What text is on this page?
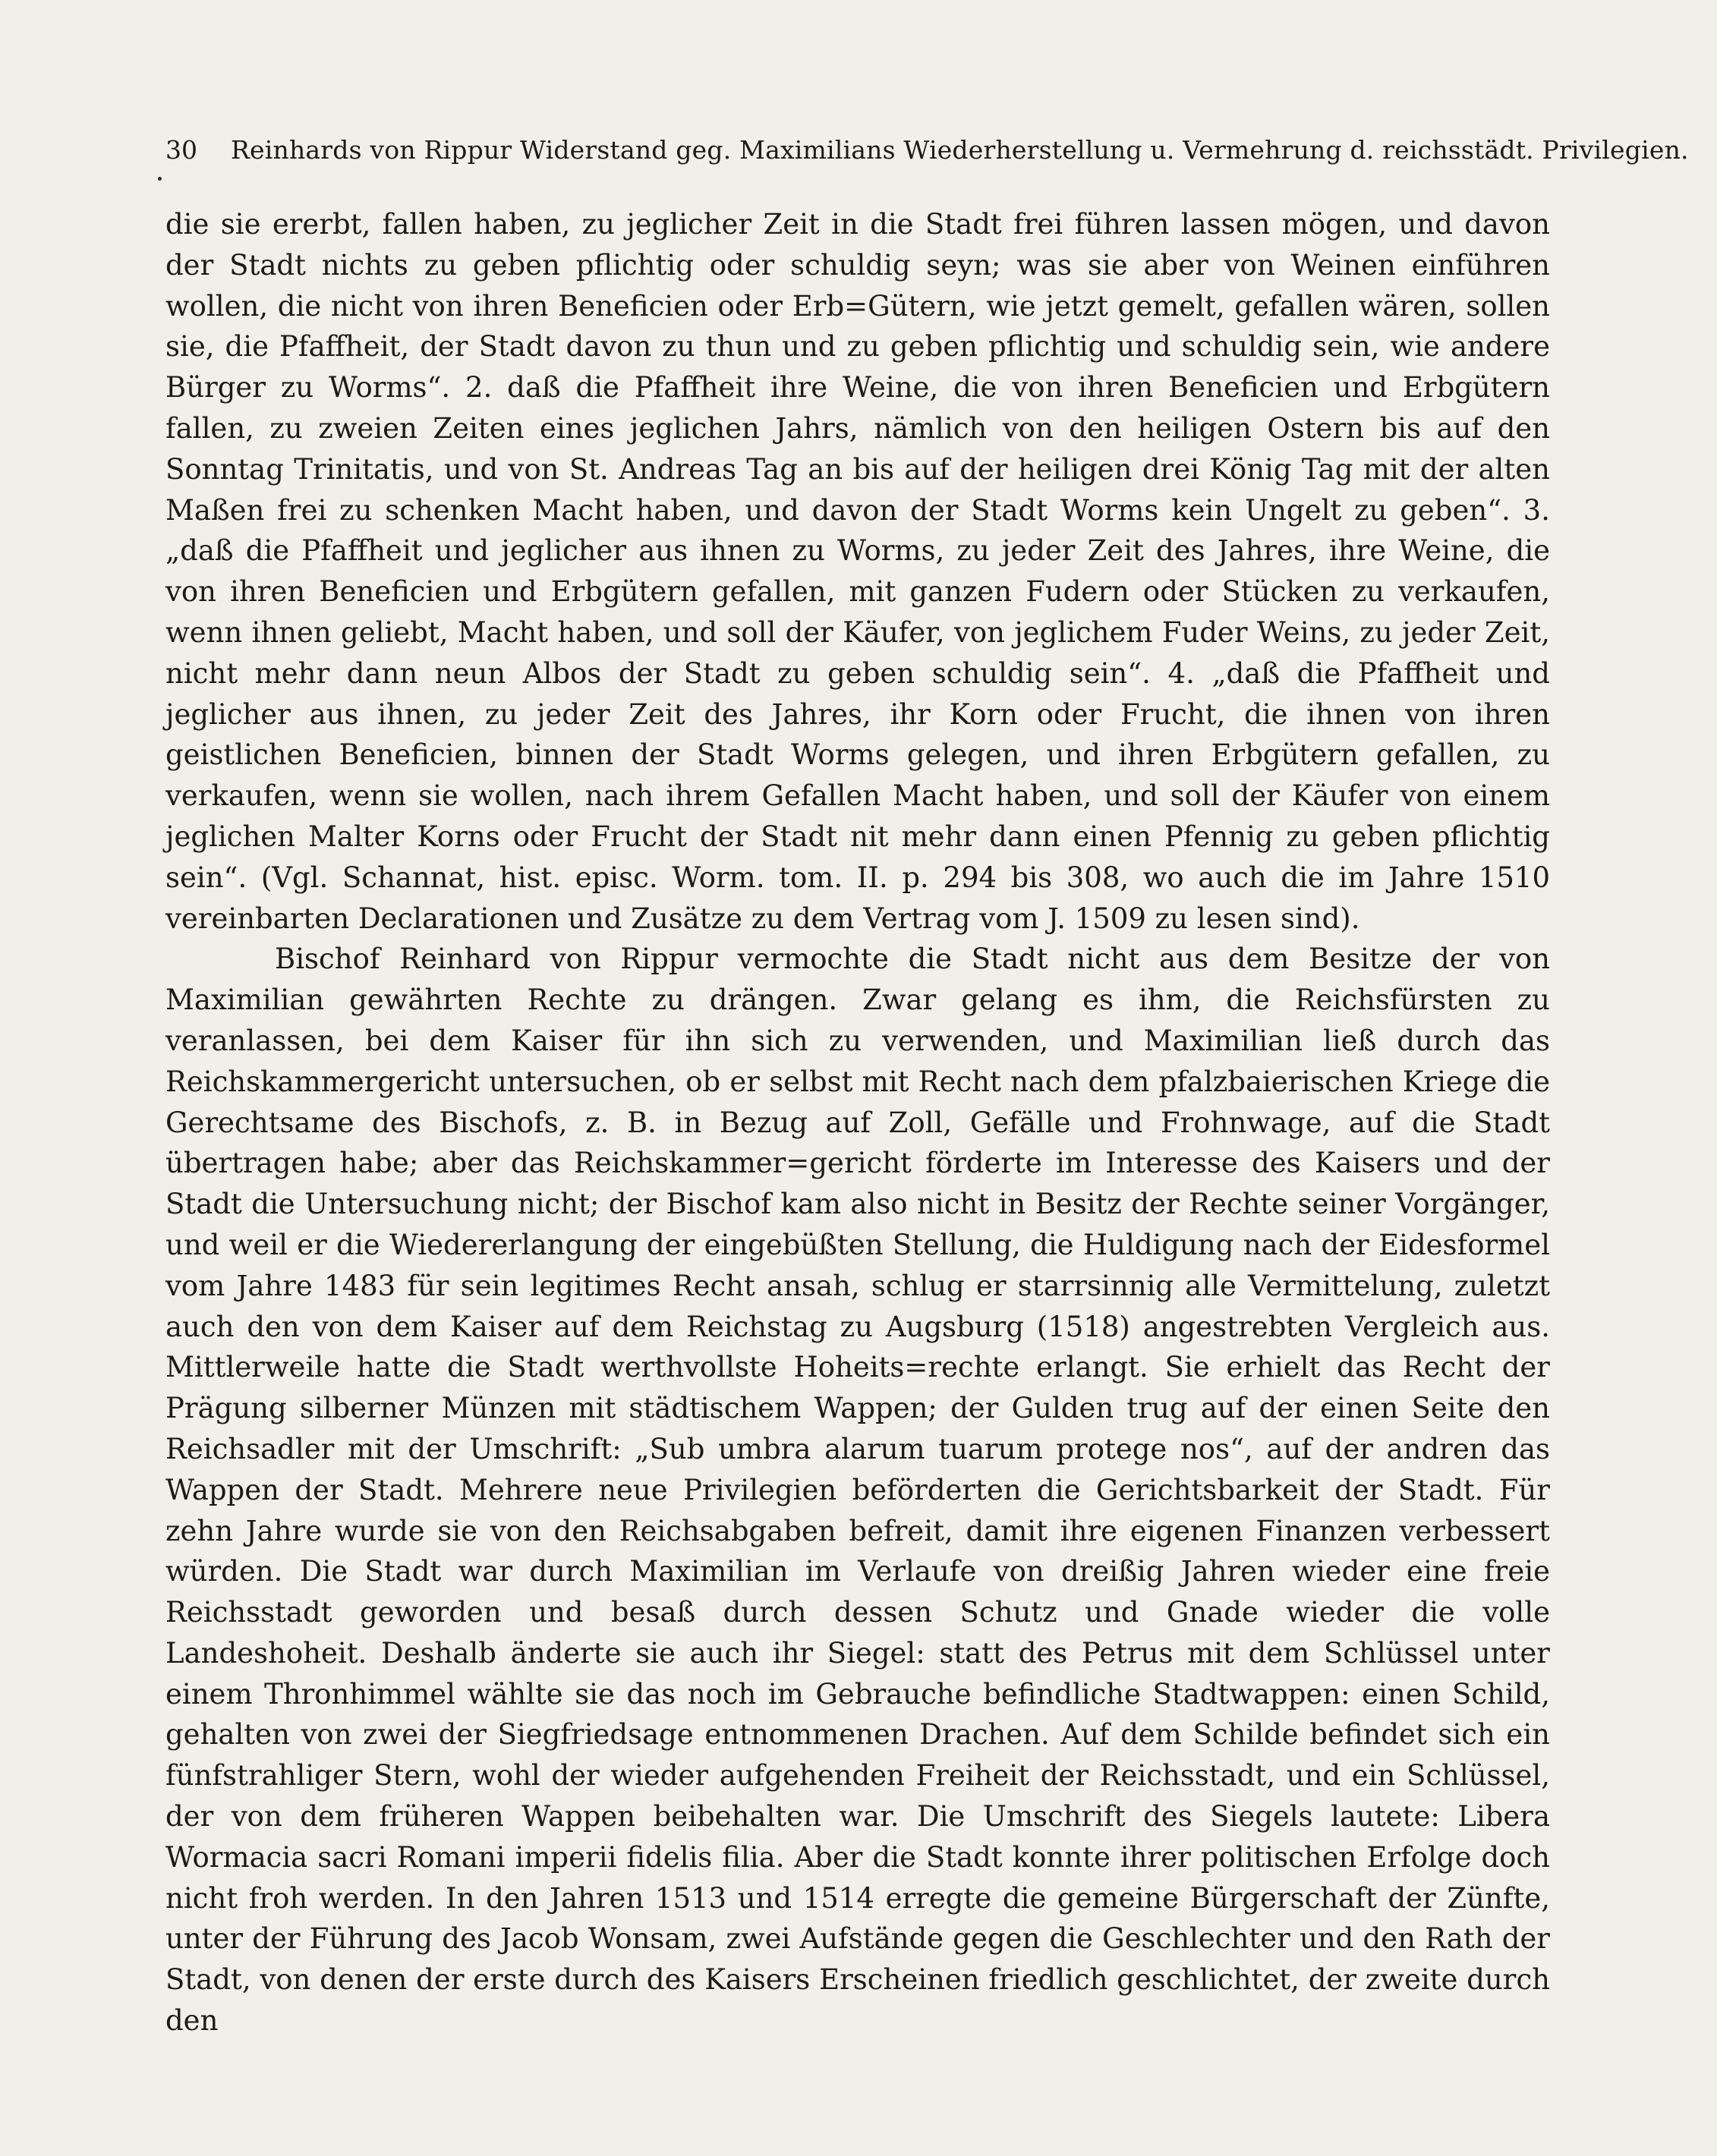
30 Reinhards von Rippur Widerstand geg. Maximilians Wiederherstellung u. Vermehrung d. reichsstädt. Privilegien.

die sie ererbt, fallen haben, zu jeglicher Zeit in die Stadt frei führen lassen mögen, und davon der Stadt nichts zu geben pflichtig oder schuldig seyn; was sie aber von Weinen einführen wollen, die nicht von ihren Beneficien oder Erb=Gütern, wie jetzt gemelt, gefallen wären, sollen sie, die Pfaffheit, der Stadt davon zu thun und zu geben pflichtig und schuldig sein, wie andere Bürger zu Worms“. 2. daß die Pfaffheit ihre Weine, die von ihren Beneficien und Erbgütern fallen, zu zweien Zeiten eines jeglichen Jahrs, nämlich von den heiligen Ostern bis auf den Sonntag Trinitatis, und von St. Andreas Tag an bis auf der heiligen drei König Tag mit der alten Maßen frei zu schenken Macht haben, und davon der Stadt Worms kein Ungelt zu geben“. 3. „daß die Pfaffheit und jeglicher aus ihnen zu Worms, zu jeder Zeit des Jahres, ihre Weine, die von ihren Beneficien und Erbgütern gefallen, mit ganzen Fudern oder Stücken zu verkaufen, wenn ihnen geliebt, Macht haben, und soll der Käufer, von jeglichem Fuder Weins, zu jeder Zeit, nicht mehr dann neun Albos der Stadt zu geben schuldig sein“. 4. „daß die Pfaffheit und jeglicher aus ihnen, zu jeder Zeit des Jahres, ihr Korn oder Frucht, die ihnen von ihren geistlichen Beneficien, binnen der Stadt Worms gelegen, und ihren Erbgütern gefallen, zu verkaufen, wenn sie wollen, nach ihrem Gefallen Macht haben, und soll der Käufer von einem jeglichen Malter Korns oder Frucht der Stadt nit mehr dann einen Pfennig zu geben pflichtig sein“. (Vgl. Schannat, hist. episc. Worm. tom. II. p. 294 bis 308, wo auch die im Jahre 1510 vereinbarten Declarationen und Zusätze zu dem Vertrag vom J. 1509 zu lesen sind).

Bischof Reinhard von Rippur vermochte die Stadt nicht aus dem Besitze der von Maximilian gewährten Rechte zu drängen. Zwar gelang es ihm, die Reichsfürsten zu veranlassen, bei dem Kaiser für ihn sich zu verwenden, und Maximilian ließ durch das Reichskammergericht untersuchen, ob er selbst mit Recht nach dem pfalzbaierischen Kriege die Gerechtsame des Bischofs, z. B. in Bezug auf Zoll, Gefälle und Frohnwage, auf die Stadt übertragen habe; aber das Reichskammer=gericht förderte im Interesse des Kaisers und der Stadt die Untersuchung nicht; der Bischof kam also nicht in Besitz der Rechte seiner Vorgänger, und weil er die Wiedererlangung der eingebüßten Stellung, die Huldigung nach der Eidesformel vom Jahre 1483 für sein legitimes Recht ansah, schlug er starrsinnig alle Vermittelung, zuletzt auch den von dem Kaiser auf dem Reichstag zu Augsburg (1518) angestrebten Vergleich aus. Mittlerweile hatte die Stadt werthvollste Hoheits=rechte erlangt. Sie erhielt das Recht der Prägung silberner Münzen mit städtischem Wappen; der Gulden trug auf der einen Seite den Reichsadler mit der Umschrift: „Sub umbra alarum tuarum protege nos“, auf der andren das Wappen der Stadt. Mehrere neue Privilegien beförderten die Gerichtsbarkeit der Stadt. Für zehn Jahre wurde sie von den Reichsabgaben befreit, damit ihre eigenen Finanzen verbessert würden. Die Stadt war durch Maximilian im Verlaufe von dreißig Jahren wieder eine freie Reichsstadt geworden und besaß durch dessen Schutz und Gnade wieder die volle Landeshoheit. Deshalb änderte sie auch ihr Siegel: statt des Petrus mit dem Schlüssel unter einem Thronhimmel wählte sie das noch im Gebrauche befindliche Stadtwappen: einen Schild, gehalten von zwei der Siegfriedsage entnommenen Drachen. Auf dem Schilde befindet sich ein fünfstrahliger Stern, wohl der wieder aufgehenden Freiheit der Reichsstadt, und ein Schlüssel, der von dem früheren Wappen beibehalten war. Die Umschrift des Siegels lautete: Libera Wormacia sacri Romani imperii fidelis filia. Aber die Stadt konnte ihrer politischen Erfolge doch nicht froh werden. In den Jahren 1513 und 1514 erregte die gemeine Bürgerschaft der Zünfte, unter der Führung des Jacob Wonsam, zwei Aufstände gegen die Geschlechter und den Rath der Stadt, von denen der erste durch des Kaisers Erscheinen friedlich geschlichtet, der zweite durch den
